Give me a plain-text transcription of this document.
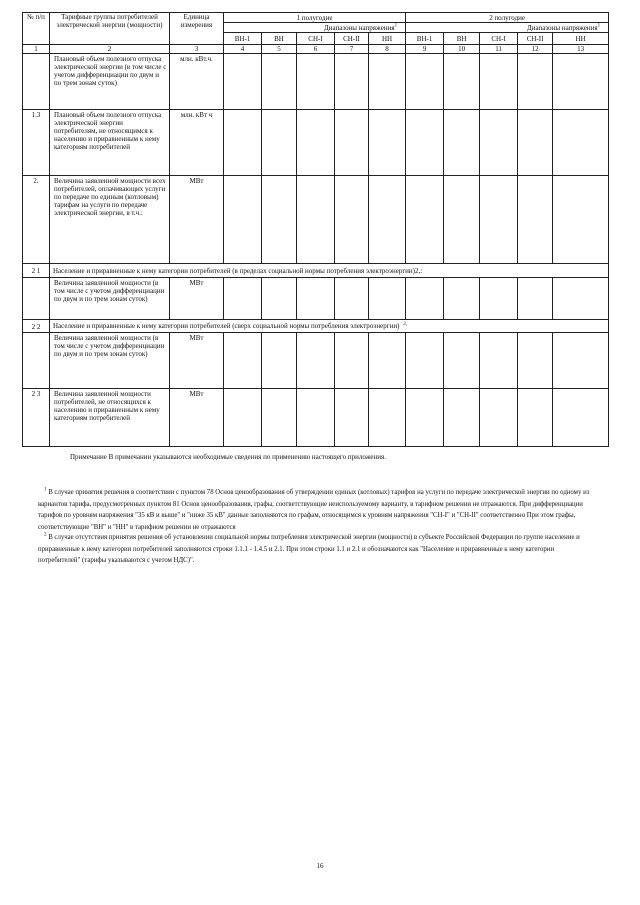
№ п/п	Тарифные группы потребителей электрической энергии (мощности)	Единица измерения	1 полугодие					2 полугодие				
			Диапазоны напряжения$^1$					Диапазоны напряжения$^1$
			ВН-1	ВН	СН-I	СН-II	НН	ВН-1	ВН	СН-I	СН-II	НН
1	2	3	4	5	6	7	8	9	10	11	12	13
	Плановый объем полезного отпуска электрической энергии (в том числе с учетом дифференциации по двум и по трем зонам суток)	млн. кВт.ч.										
1.3	Плановый объем полезного отпуска электрической энергии потребителям, не относящимся к населению и приравненным к нему категориям потребителей	млн. кВт ч										
2.	Величина заявленной мощности всех потребителей, оплачивающих услуги по передаче по единым (котловым) тарифам на услуги по передаче электрической энергии, в т.ч.:	МВт										
2 1	Население и приравненные к нему категории потребителей (в пределах социальной нормы потребления электроэнергии)2,:											
	Величина заявленной мощности (в том числе с учетом дифференциации по двум и по трем зонам суток)	МВт										
2 2	Население и приравненные к нему категории потребителей (сверх социальной нормы потребления электроэнергии) $^{2,}$
	Величина заявленной мощности (в том числе с учетом дифференциации по двум и по трем зонам суток)	МВт										
2 3	Величина заявленной мощности потребителей, не относящихся к населению и приравненным к нему категориям потребителей	МВт										
Примечание В примечании указываются необходимые сведения по применению настоящего приложения.
$^1$ В случае принятия решения в соответствии с пунктом 78 Основ ценообразования об утверждении единых (котловых) тарифов на услуги по передаче электрической энергии по одному из вариантов тарифа, предусмотренных пунктом 81 Основ ценообразования, графы, соответствующие неиспользуемому варианту, в тарифном решении не отражаются. При дифференциации тарифов по уровням напряжения "35 кВ и выше" и "ниже 35 кВ" данные заполняются по графам, относящимся к уровням напряжения "СН-I" и "СН-II" соответственно При этом графы, соответствующие "ВН" и "НН" в тарифном решении не отражаются
$^2$ В случае отсутствия принятия решения об установлении социальной нормы потребления электрической энергии (мощности) в субъекте Российской Федерации по группе население и приравненные к нему категории потребителей заполняются строки 1.1.1 - 1.4.5 и 2.1. При этом строки 1.1 и 2.1 и обозначаются как "Население и приравненные к нему категории потребителей" (тарифы указываются с учетом НДС)".
16
